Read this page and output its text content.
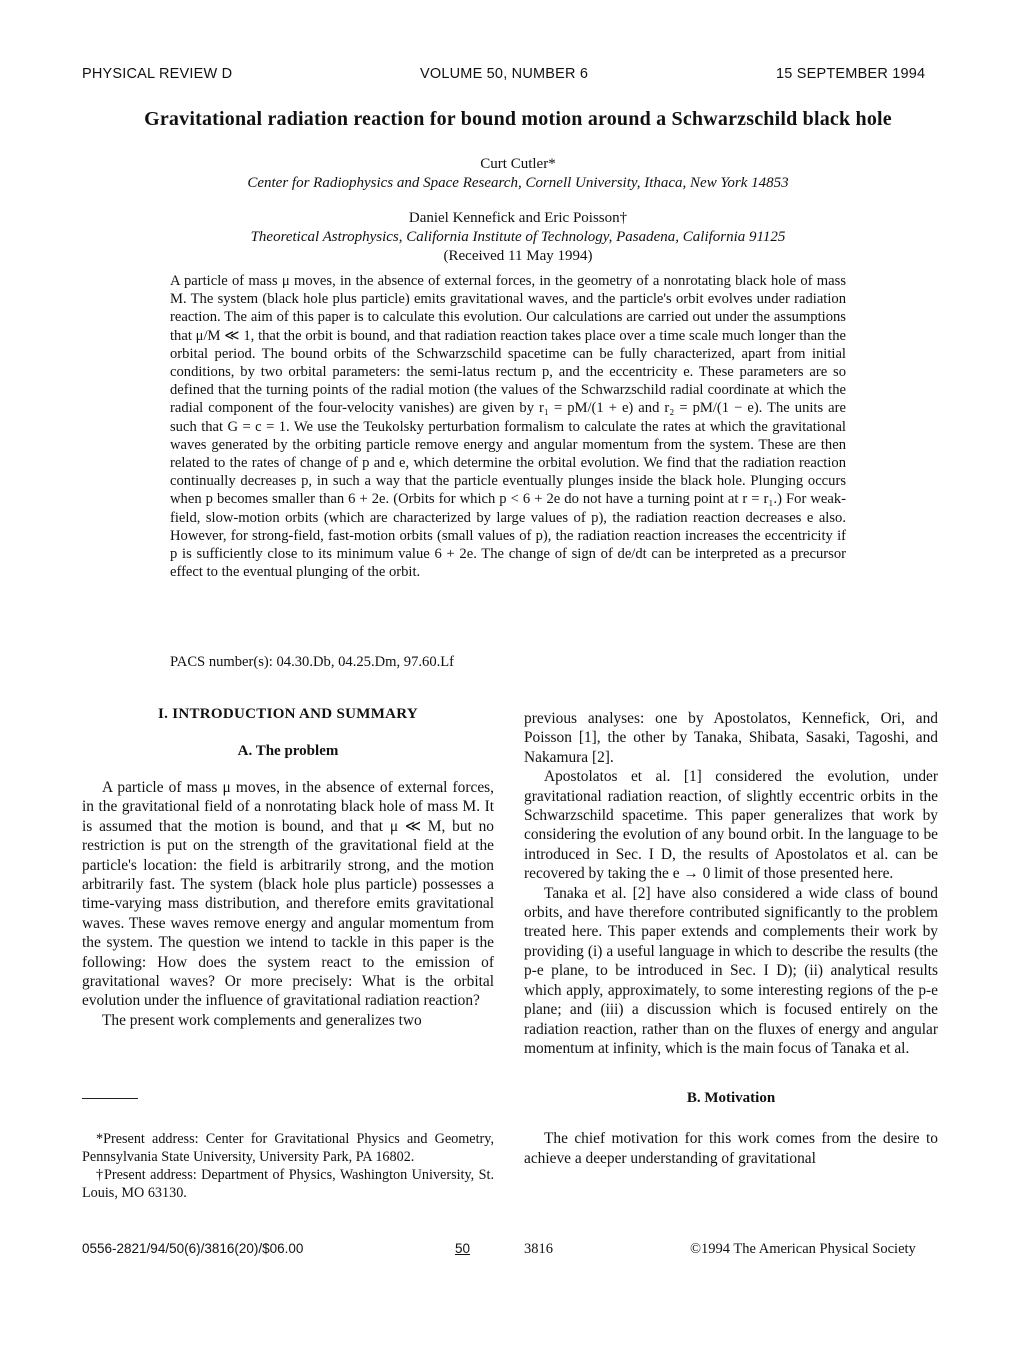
PHYSICAL REVIEW D	VOLUME 50, NUMBER 6	15 SEPTEMBER 1994
Gravitational radiation reaction for bound motion around a Schwarzschild black hole
Curt Cutler*
Center for Radiophysics and Space Research, Cornell University, Ithaca, New York 14853
Daniel Kennefick and Eric Poisson†
Theoretical Astrophysics, California Institute of Technology, Pasadena, California 91125
(Received 11 May 1994)

A particle of mass μ moves, in the absence of external forces, in the geometry of a nonrotating black hole of mass M. The system (black hole plus particle) emits gravitational waves, and the particle's orbit evolves under radiation reaction. The aim of this paper is to calculate this evolution. Our calculations are carried out under the assumptions that μ/M ≪ 1, that the orbit is bound, and that radiation reaction takes place over a time scale much longer than the orbital period. The bound orbits of the Schwarzschild spacetime can be fully characterized, apart from initial conditions, by two orbital parameters: the semi-latus rectum p, and the eccentricity e. These parameters are so defined that the turning points of the radial motion (the values of the Schwarzschild radial coordinate at which the radial component of the four-velocity vanishes) are given by r₁ = pM/(1 + e) and r₂ = pM/(1 − e). The units are such that G = c = 1. We use the Teukolsky perturbation formalism to calculate the rates at which the gravitational waves generated by the orbiting particle remove energy and angular momentum from the system. These are then related to the rates of change of p and e, which determine the orbital evolution. We find that the radiation reaction continually decreases p, in such a way that the particle eventually plunges inside the black hole. Plunging occurs when p becomes smaller than 6 + 2e. (Orbits for which p < 6 + 2e do not have a turning point at r = r₁.) For weak-field, slow-motion orbits (which are characterized by large values of p), the radiation reaction decreases e also. However, for strong-field, fast-motion orbits (small values of p), the radiation reaction increases the eccentricity if p is sufficiently close to its minimum value 6 + 2e. The change of sign of de/dt can be interpreted as a precursor effect to the eventual plunging of the orbit.

PACS number(s): 04.30.Db, 04.25.Dm, 97.60.Lf
I. INTRODUCTION AND SUMMARY
A. The problem

A particle of mass μ moves, in the absence of external forces, in the gravitational field of a nonrotating black hole of mass M. It is assumed that the motion is bound, and that μ ≪ M, but no restriction is put on the strength of the gravitational field at the particle's location: the field is arbitrarily strong, and the motion arbitrarily fast. The system (black hole plus particle) possesses a time-varying mass distribution, and therefore emits gravitational waves. These waves remove energy and angular momentum from the system. The question we intend to tackle in this paper is the following: How does the system react to the emission of gravitational waves? Or more precisely: What is the orbital evolution under the influence of gravitational radiation reaction?

The present work complements and generalizes two

*Present address: Center for Gravitational Physics and Geometry, Pennsylvania State University, University Park, PA 16802.

†Present address: Department of Physics, Washington University, St. Louis, MO 63130.

previous analyses: one by Apostolatos, Kennefick, Ori, and Poisson [1], the other by Tanaka, Shibata, Sasaki, Tagoshi, and Nakamura [2].

Apostolatos et al. [1] considered the evolution, under gravitational radiation reaction, of slightly eccentric orbits in the Schwarzschild spacetime. This paper generalizes that work by considering the evolution of any bound orbit. In the language to be introduced in Sec. I D, the results of Apostolatos et al. can be recovered by taking the e → 0 limit of those presented here.

Tanaka et al. [2] have also considered a wide class of bound orbits, and have therefore contributed significantly to the problem treated here. This paper extends and complements their work by providing (i) a useful language in which to describe the results (the p-e plane, to be introduced in Sec. I D); (ii) analytical results which apply, approximately, to some interesting regions of the p-e plane; and (iii) a discussion which is focused entirely on the radiation reaction, rather than on the fluxes of energy and angular momentum at infinity, which is the main focus of Tanaka et al.

B. Motivation

The chief motivation for this work comes from the desire to achieve a deeper understanding of gravitational

0556-2821/94/50(6)/3816(20)/$06.00	50	3816	©1994 The American Physical Society
